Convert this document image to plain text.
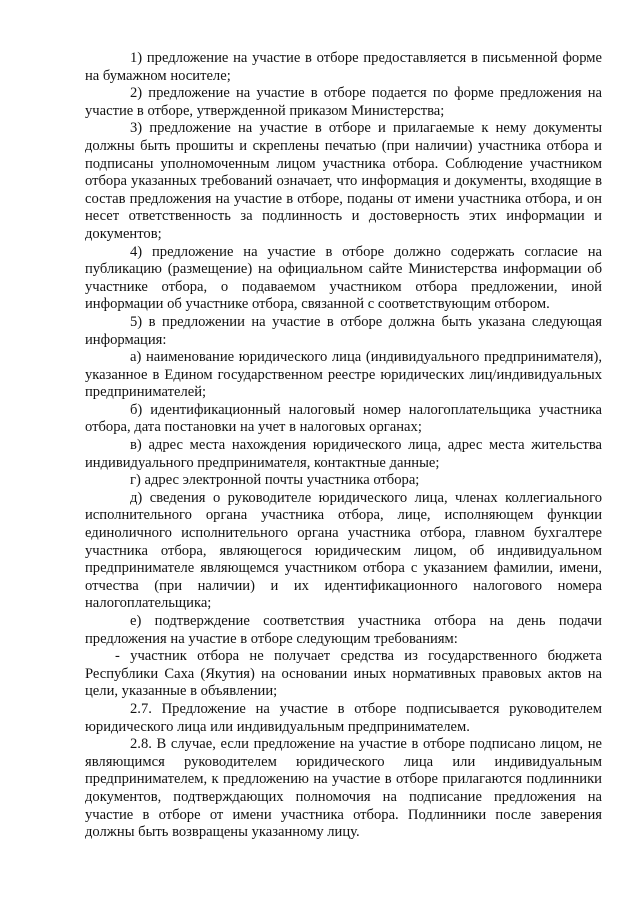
1) предложение на участие в отборе предоставляется в письменной форме на бумажном носителе;

2) предложение на участие в отборе подается по форме предложения на участие в отборе, утвержденной приказом Министерства;

3) предложение на участие в отборе и прилагаемые к нему документы должны быть прошиты и скреплены печатью (при наличии) участника отбора и подписаны уполномоченным лицом участника отбора. Соблюдение участником отбора указанных требований означает, что информация и документы, входящие в состав предложения на участие в отборе, поданы от имени участника отбора, и он несет ответственность за подлинность и достоверность этих информации и документов;

4) предложение на участие в отборе должно содержать согласие на публикацию (размещение) на официальном сайте Министерства информации об участнике отбора, о подаваемом участником отбора предложении, иной информации об участнике отбора, связанной с соответствующим отбором.

5) в предложении на участие в отборе должна быть указана следующая информация:

а) наименование юридического лица (индивидуального предпринимателя), указанное в Едином государственном реестре юридических лиц/индивидуальных предпринимателей;

б) идентификационный налоговый номер налогоплательщика участника отбора, дата постановки на учет в налоговых органах;

в) адрес места нахождения юридического лица, адрес места жительства индивидуального предпринимателя, контактные данные;

г) адрес электронной почты участника отбора;

д) сведения о руководителе юридического лица, членах коллегиального исполнительного органа участника отбора, лице, исполняющем функции единоличного исполнительного органа участника отбора, главном бухгалтере участника отбора, являющегося юридическим лицом, об индивидуальном предпринимателе являющемся участником отбора с указанием фамилии, имени, отчества (при наличии) и их идентификационного налогового номера налогоплательщика;

е) подтверждение соответствия участника отбора на день подачи предложения на участие в отборе следующим требованиям:

- участник отбора не получает средства из государственного бюджета Республики Саха (Якутия) на основании иных нормативных правовых актов на цели, указанные в объявлении;

2.7. Предложение на участие в отборе подписывается руководителем юридического лица или индивидуальным предпринимателем.

2.8. В случае, если предложение на участие в отборе подписано лицом, не являющимся руководителем юридического лица или индивидуальным предпринимателем, к предложению на участие в отборе прилагаются подлинники документов, подтверждающих полномочия на подписание предложения на участие в отборе от имени участника отбора. Подлинники после заверения должны быть возвращены указанному лицу.
